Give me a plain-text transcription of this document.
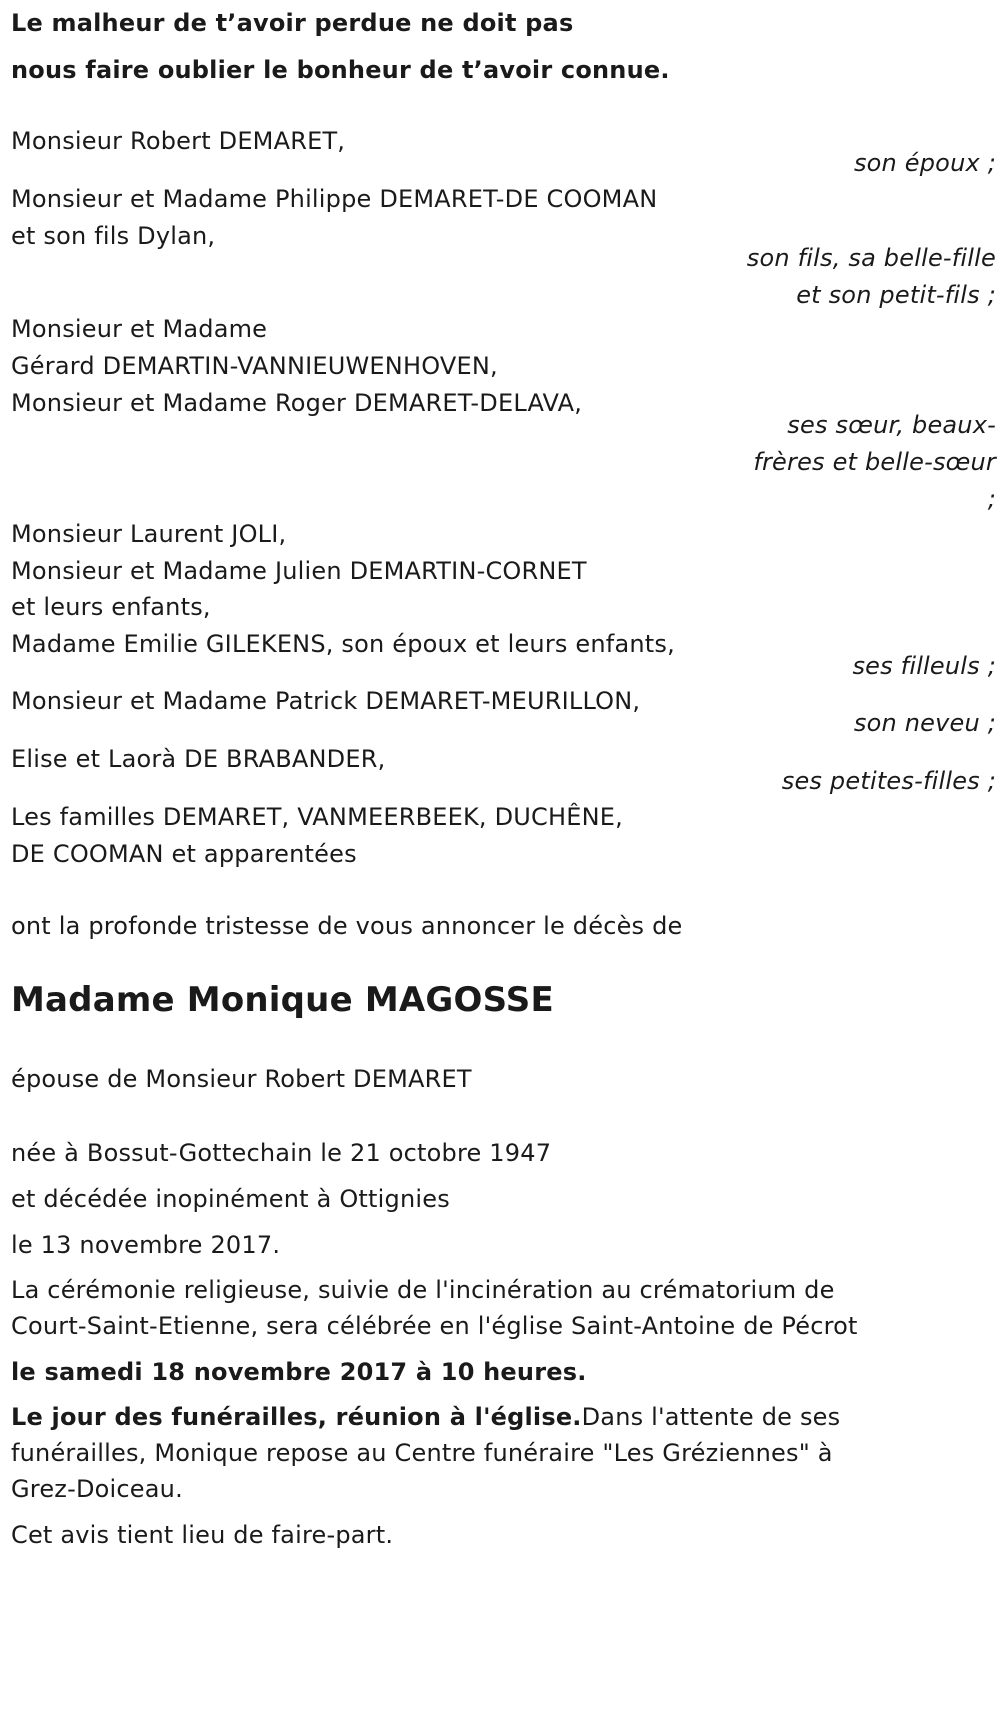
Le malheur de t’avoir perdue ne doit pas
nous faire oublier le bonheur de t’avoir connue.
Monsieur Robert DEMARET,
son époux ;
Monsieur et Madame Philippe DEMARET-DE COOMAN
et son fils Dylan,
son fils, sa belle-fille
et son petit-fils ;
Monsieur et Madame
Gérard DEMARTIN-VANNIEUWENHOVEN,
Monsieur et Madame Roger DEMARET-DELAVA,
ses sœur, beaux-
frères et belle-sœur
;
Monsieur Laurent JOLI,
Monsieur et Madame Julien DEMARTIN-CORNET
et leurs enfants,
Madame Emilie GILEKENS, son époux et leurs enfants,
ses filleuls ;
Monsieur et Madame Patrick DEMARET-MEURILLON,
son neveu ;
Elise et Laorà DE BRABANDER,
ses petites-filles ;
Les familles DEMARET, VANMEERBEEK, DUCHÊNE,
DE COOMAN et apparentées
ont la profonde tristesse de vous annoncer le décès de
Madame Monique MAGOSSE
épouse de Monsieur Robert DEMARET
née à Bossut-Gottechain le 21 octobre 1947
et décédée inopinément à Ottignies
le 13 novembre 2017.
La cérémonie religieuse, suivie de l'incinération au crématorium de
Court-Saint-Etienne, sera célébrée en l'église Saint-Antoine de Pécrot
le samedi 18 novembre 2017 à 10 heures.
Le jour des funérailles, réunion à l'église.Dans l'attente de ses
funérailles, Monique repose au Centre funéraire "Les Gréziennes" à
Grez-Doiceau.
Cet avis tient lieu de faire-part.
